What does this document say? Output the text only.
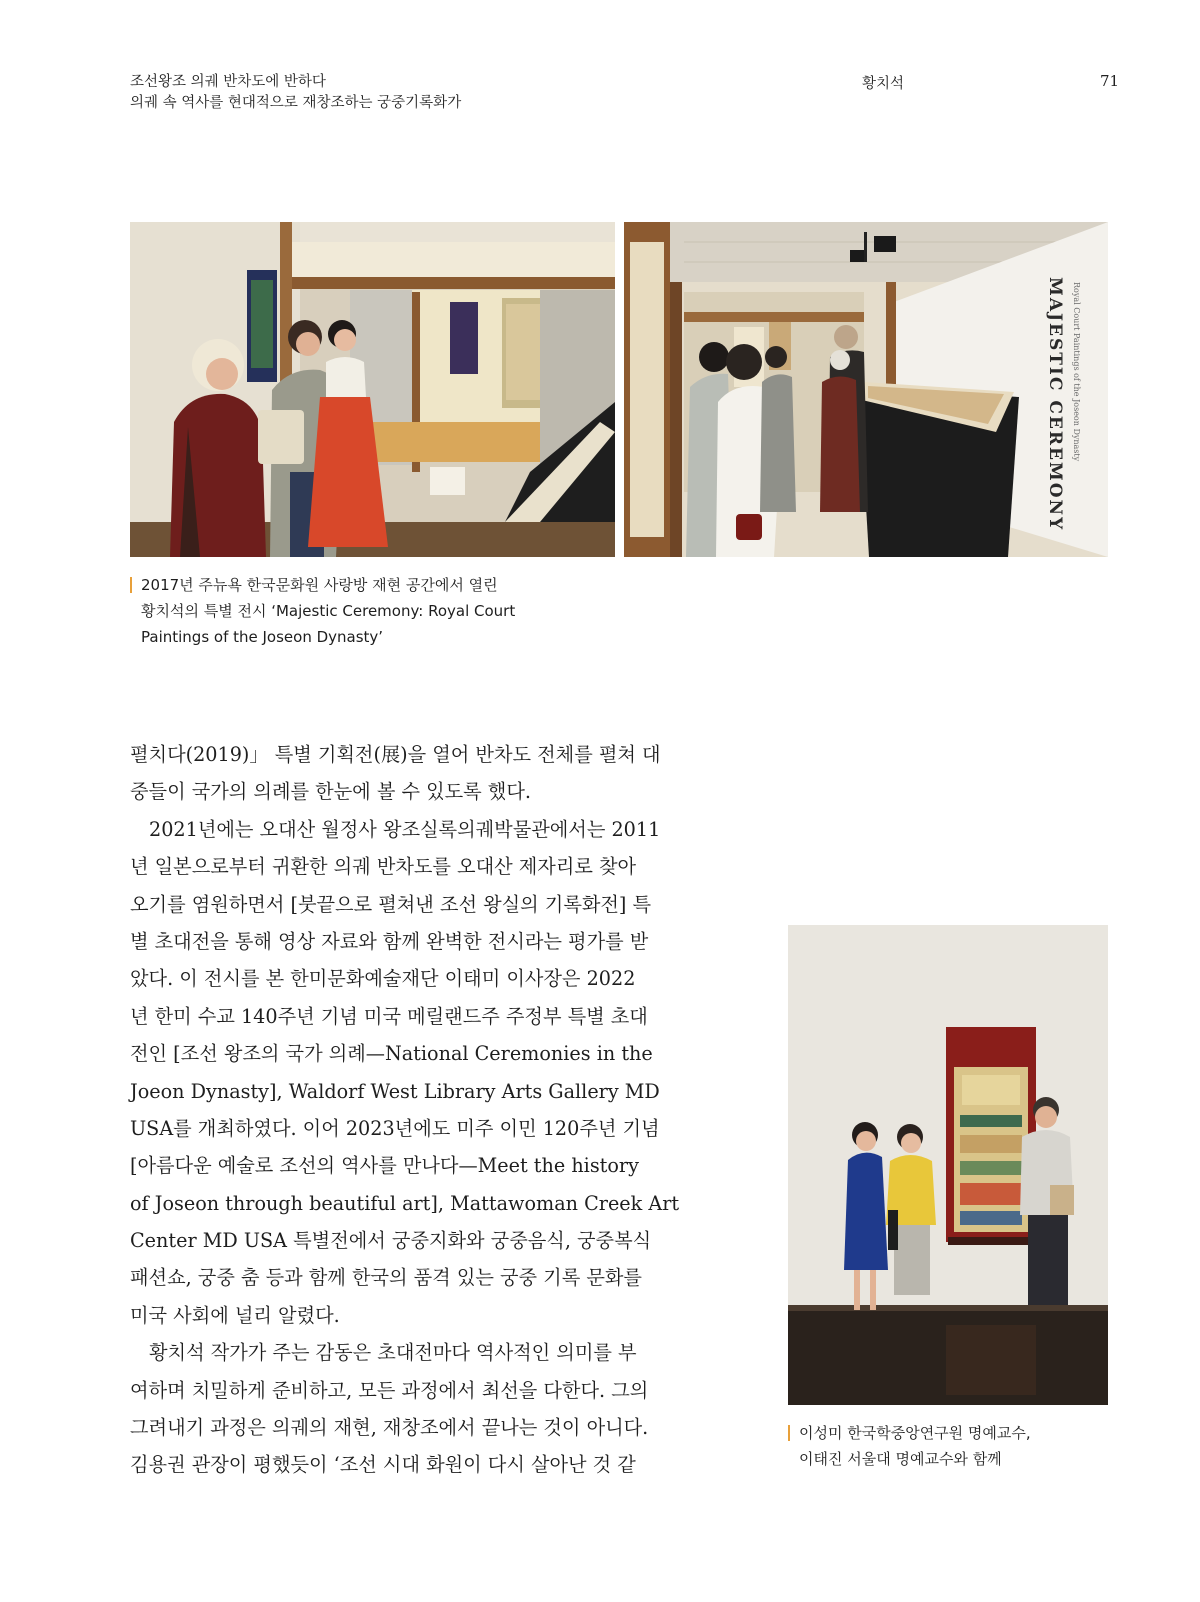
조선왕조 의궤 반차도에 반하다
의궤 속 역사를 현대적으로 재창조하는 궁중기록화가
황치석	71
MAJESTIC CEREMONY Royal Court Paintings of the Joseon Dynasty
2017년 주뉴욕 한국문화원 사랑방 재현 공간에서 열린
황치석의 특별 전시 ‘Majestic Ceremony: Royal Court
Paintings of the Joseon Dynasty’
이성미 한국학중앙연구원 명예교수,
이태진 서울대 명예교수와 함께
펼치다(2019)」 특별 기획전(展)을 열어 반차도 전체를 펼쳐 대
중들이 국가의 의례를 한눈에 볼 수 있도록 했다.
2021년에는 오대산 월정사 왕조실록의궤박물관에서는 2011
년 일본으로부터 귀환한 의궤 반차도를 오대산 제자리로 찾아
오기를 염원하면서 [붓끝으로 펼쳐낸 조선 왕실의 기록화전] 특
별 초대전을 통해 영상 자료와 함께 완벽한 전시라는 평가를 받
았다. 이 전시를 본 한미문화예술재단 이태미 이사장은 2022
년 한미 수교 140주년 기념 미국 메릴랜드주 주정부 특별 초대
전인 [조선 왕조의 국가 의례—National Ceremonies in the
Joeon Dynasty], Waldorf West Library Arts Gallery MD
USA를 개최하였다. 이어 2023년에도 미주 이민 120주년 기념
[아름다운 예술로 조선의 역사를 만나다—Meet the history
of Joseon through beautiful art], Mattawoman Creek Art
Center MD USA 특별전에서 궁중지화와 궁중음식, 궁중복식
패션쇼, 궁중 춤 등과 함께 한국의 품격 있는 궁중 기록 문화를
미국 사회에 널리 알렸다.
황치석 작가가 주는 감동은 초대전마다 역사적인 의미를 부
여하며 치밀하게 준비하고, 모든 과정에서 최선을 다한다. 그의
그려내기 과정은 의궤의 재현, 재창조에서 끝나는 것이 아니다.
김용권 관장이 평했듯이 ‘조선 시대 화원이 다시 살아난 것 같
